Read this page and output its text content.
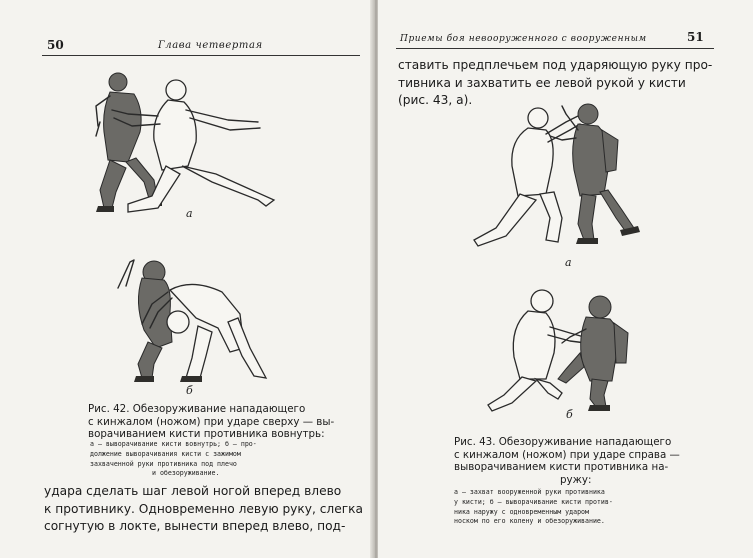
50	Глава четвертая
а
б
Рис. 42. Обезоруживание нападающего
с кинжалом (ножом) при ударе сверху — вы-
ворачиванием кисти противника вовнутрь:
а — выворачивание кисти вовнутрь; б — про-
должение выворачивания кисти с зажимом
захваченной руки противника под плечо
и обезоруживание.
удара сделать шаг левой ногой вперед влево
к противнику. Одновременно левую руку, слегка
согнутую в локте, вынести вперед влево, под-
Приемы боя невооруженного с вооруженным	51
ставить предплечьем под ударяющую руку про-
тивника и захватить ее левой рукой у кисти
(рис. 43, а).
а
б
Рис. 43. Обезоруживание нападающего
с кинжалом (ножом) при ударе справа —
выворачиванием кисти противника на-
ружу:
а — захват вооруженной руки противника
у кисти; б — выворачивание кисти против-
ника наружу с одновременным ударом
носком по его колену и обезоруживание.
